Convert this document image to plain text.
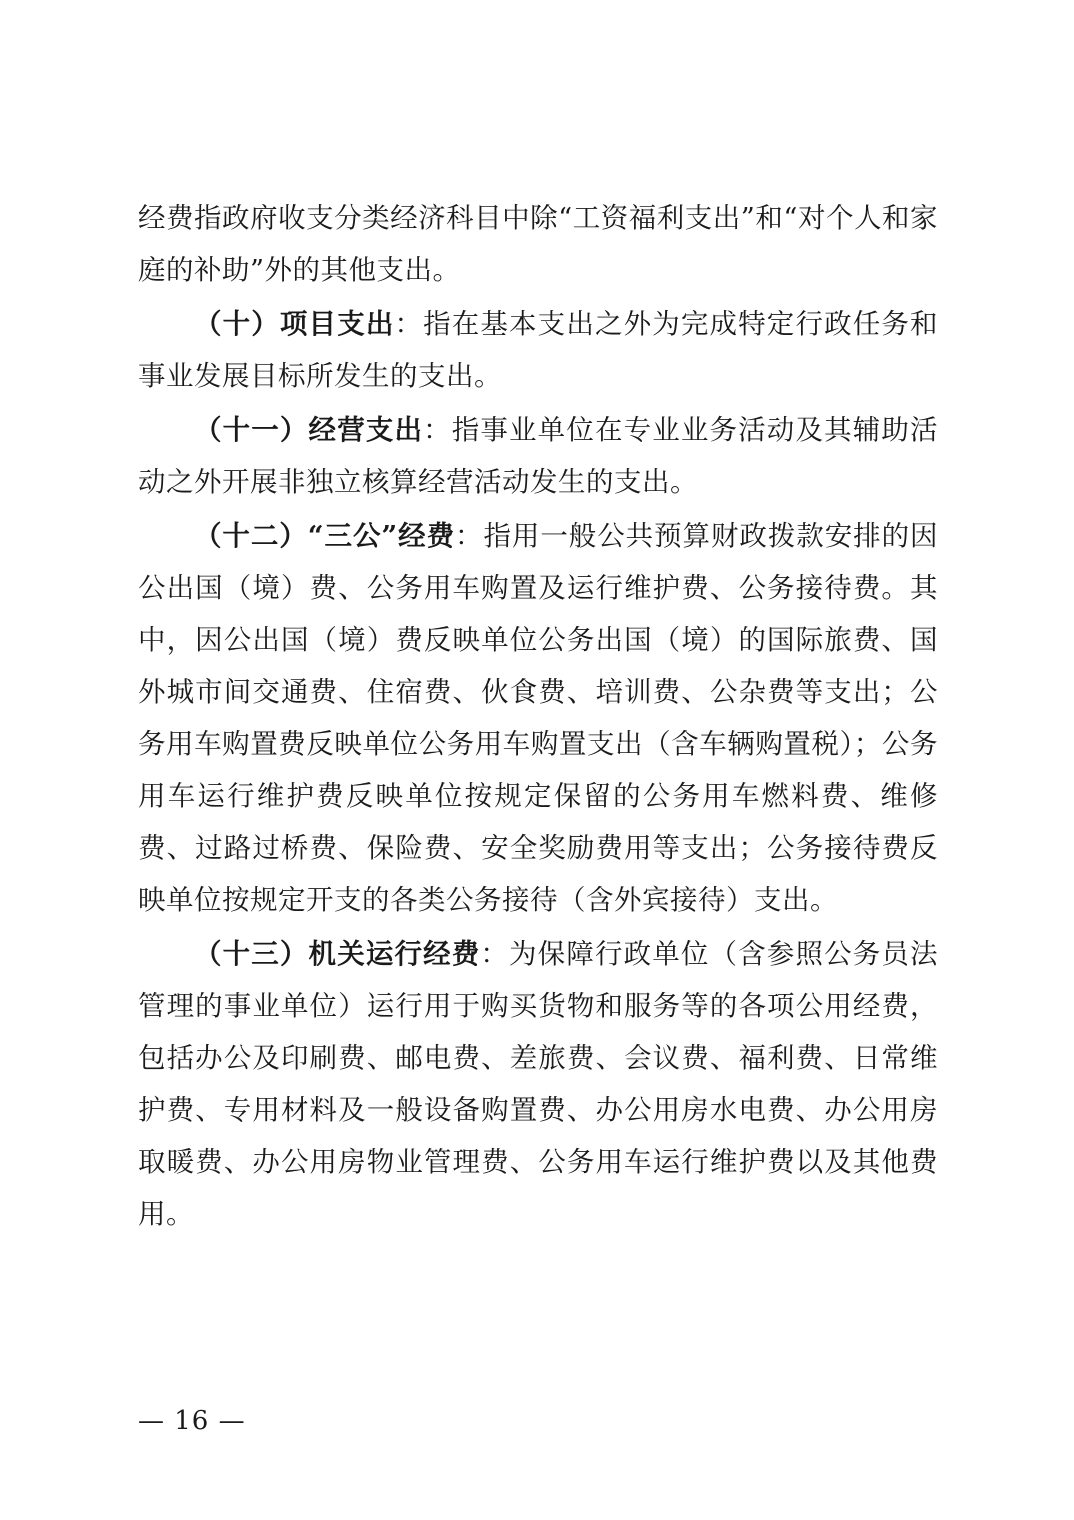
经费指政府收支分类经济科目中除“工资福利支出”和“对个人和家庭的补助”外的其他支出。

（十）项目支出：指在基本支出之外为完成特定行政任务和事业发展目标所发生的支出。

（十一）经营支出：指事业单位在专业业务活动及其辅助活动之外开展非独立核算经营活动发生的支出。

（十二）“三公”经费：指用一般公共预算财政拨款安排的因公出国（境）费、公务用车购置及运行维护费、公务接待费。其中，因公出国（境）费反映单位公务出国（境）的国际旅费、国外城市间交通费、住宿费、伙食费、培训费、公杂费等支出；公务用车购置费反映单位公务用车购置支出（含车辆购置税）；公务用车运行维护费反映单位按规定保留的公务用车燃料费、维修费、过路过桥费、保险费、安全奖励费用等支出；公务接待费反映单位按规定开支的各类公务接待（含外宾接待）支出。

（十三）机关运行经费：为保障行政单位（含参照公务员法管理的事业单位）运行用于购买货物和服务等的各项公用经费，包括办公及印刷费、邮电费、差旅费、会议费、福利费、日常维护费、专用材料及一般设备购置费、办公用房水电费、办公用房取暖费、办公用房物业管理费、公务用车运行维护费以及其他费用。

— 16 —
